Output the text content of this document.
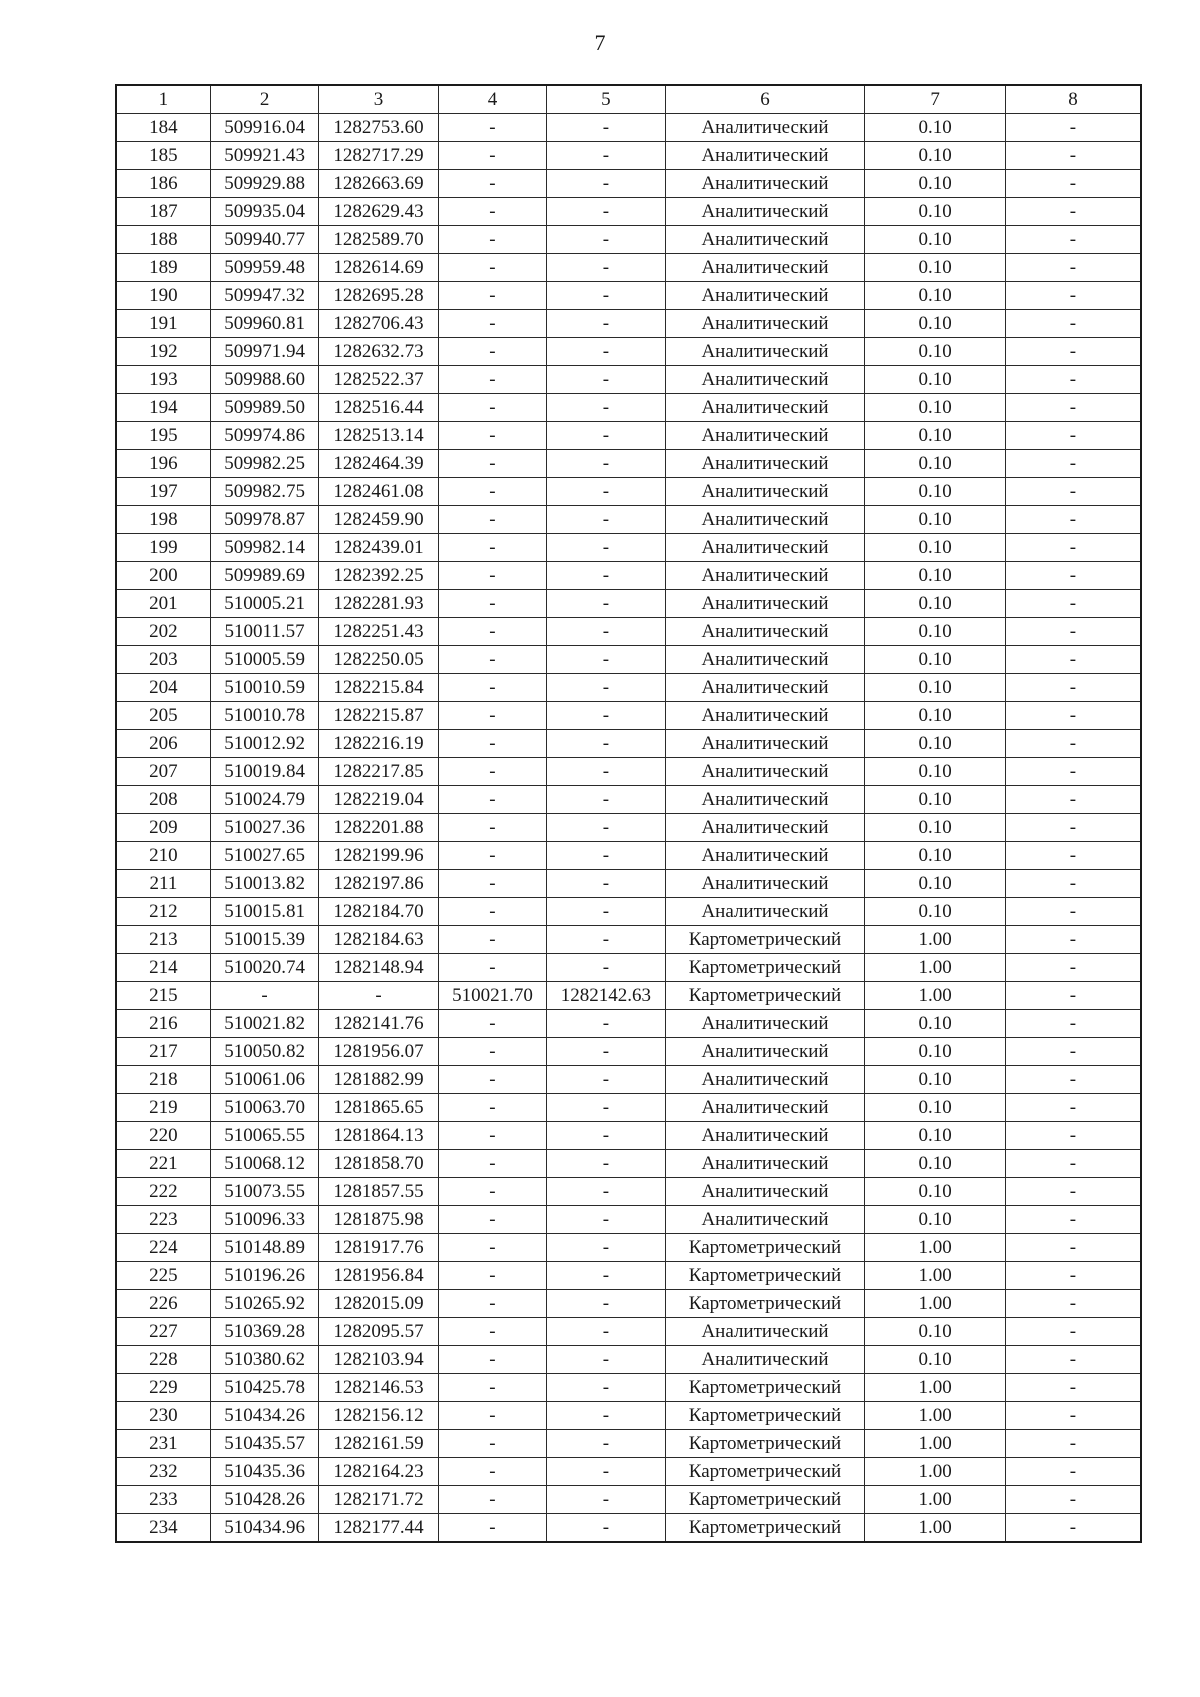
7
1	2	3	4	5	6	7	8
184	509916.04	1282753.60	-	-	Аналитический	0.10	-
185	509921.43	1282717.29	-	-	Аналитический	0.10	-
186	509929.88	1282663.69	-	-	Аналитический	0.10	-
187	509935.04	1282629.43	-	-	Аналитический	0.10	-
188	509940.77	1282589.70	-	-	Аналитический	0.10	-
189	509959.48	1282614.69	-	-	Аналитический	0.10	-
190	509947.32	1282695.28	-	-	Аналитический	0.10	-
191	509960.81	1282706.43	-	-	Аналитический	0.10	-
192	509971.94	1282632.73	-	-	Аналитический	0.10	-
193	509988.60	1282522.37	-	-	Аналитический	0.10	-
194	509989.50	1282516.44	-	-	Аналитический	0.10	-
195	509974.86	1282513.14	-	-	Аналитический	0.10	-
196	509982.25	1282464.39	-	-	Аналитический	0.10	-
197	509982.75	1282461.08	-	-	Аналитический	0.10	-
198	509978.87	1282459.90	-	-	Аналитический	0.10	-
199	509982.14	1282439.01	-	-	Аналитический	0.10	-
200	509989.69	1282392.25	-	-	Аналитический	0.10	-
201	510005.21	1282281.93	-	-	Аналитический	0.10	-
202	510011.57	1282251.43	-	-	Аналитический	0.10	-
203	510005.59	1282250.05	-	-	Аналитический	0.10	-
204	510010.59	1282215.84	-	-	Аналитический	0.10	-
205	510010.78	1282215.87	-	-	Аналитический	0.10	-
206	510012.92	1282216.19	-	-	Аналитический	0.10	-
207	510019.84	1282217.85	-	-	Аналитический	0.10	-
208	510024.79	1282219.04	-	-	Аналитический	0.10	-
209	510027.36	1282201.88	-	-	Аналитический	0.10	-
210	510027.65	1282199.96	-	-	Аналитический	0.10	-
211	510013.82	1282197.86	-	-	Аналитический	0.10	-
212	510015.81	1282184.70	-	-	Аналитический	0.10	-
213	510015.39	1282184.63	-	-	Картометрический	1.00	-
214	510020.74	1282148.94	-	-	Картометрический	1.00	-
215	-	-	510021.70	1282142.63	Картометрический	1.00	-
216	510021.82	1282141.76	-	-	Аналитический	0.10	-
217	510050.82	1281956.07	-	-	Аналитический	0.10	-
218	510061.06	1281882.99	-	-	Аналитический	0.10	-
219	510063.70	1281865.65	-	-	Аналитический	0.10	-
220	510065.55	1281864.13	-	-	Аналитический	0.10	-
221	510068.12	1281858.70	-	-	Аналитический	0.10	-
222	510073.55	1281857.55	-	-	Аналитический	0.10	-
223	510096.33	1281875.98	-	-	Аналитический	0.10	-
224	510148.89	1281917.76	-	-	Картометрический	1.00	-
225	510196.26	1281956.84	-	-	Картометрический	1.00	-
226	510265.92	1282015.09	-	-	Картометрический	1.00	-
227	510369.28	1282095.57	-	-	Аналитический	0.10	-
228	510380.62	1282103.94	-	-	Аналитический	0.10	-
229	510425.78	1282146.53	-	-	Картометрический	1.00	-
230	510434.26	1282156.12	-	-	Картометрический	1.00	-
231	510435.57	1282161.59	-	-	Картометрический	1.00	-
232	510435.36	1282164.23	-	-	Картометрический	1.00	-
233	510428.26	1282171.72	-	-	Картометрический	1.00	-
234	510434.96	1282177.44	-	-	Картометрический	1.00	-
